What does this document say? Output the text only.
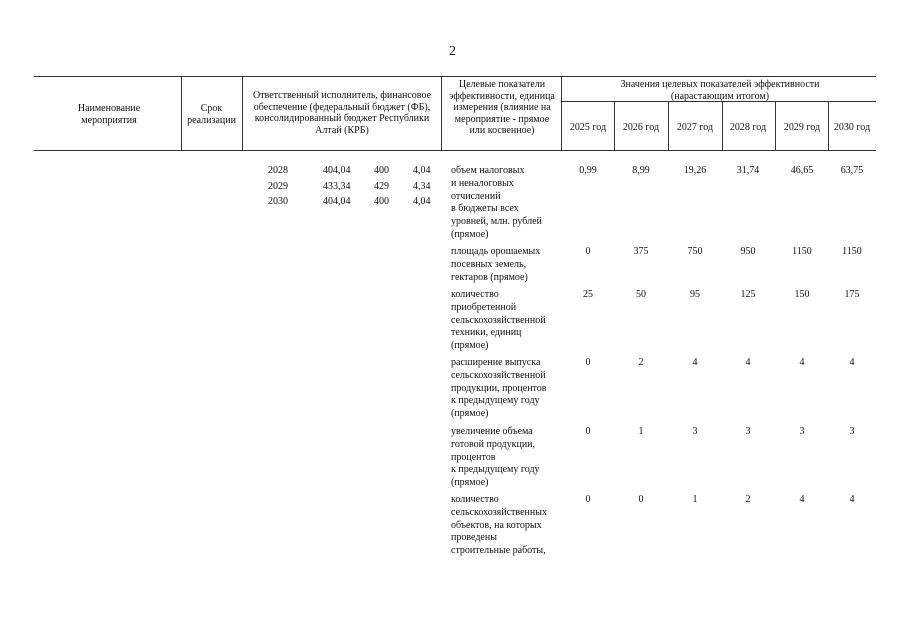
2
Наименование мероприятия
Срок реализации
Ответственный исполнитель, финансовое обеспечение (федеральный бюджет (ФБ), консолидированный бюджет Республики Алтай (КРБ)
Целевые показатели эффективности, единица измерения (влияние на мероприятие - прямое или косвенное)
Значения целевых показателей эффективности (нарастающим итогом)
2025 год	2026 год	2027 год	2028 год	2029 год	2030 год
2028	404,04 400 4,04
2029	433,34 429 4,34
2030	404,04 400 4,04
объем налоговых
и неналоговых
отчислений
в бюджеты всех
уровней, млн. рублей
(прямое)
0,99	8,99	19,26	31,74	46,65	63,75
площадь орошаемых
посевных земель,
гектаров (прямое)
0	375	750	950	1150	1150
количество
приобретенной
сельскохозяйственной
техники, единиц
(прямое)
25	50	95	125	150	175
расширение выпуска
сельскохозяйственной
продукции, процентов
к предыдущему году
(прямое)
0	2	4	4	4	4
увеличение объема
готовой продукции,
процентов
к предыдущему году
(прямое)
0	1	3	3	3	3
количество
сельскохозяйственных
объектов, на которых
проведены
строительные работы,
0	0	1	2	4	4
